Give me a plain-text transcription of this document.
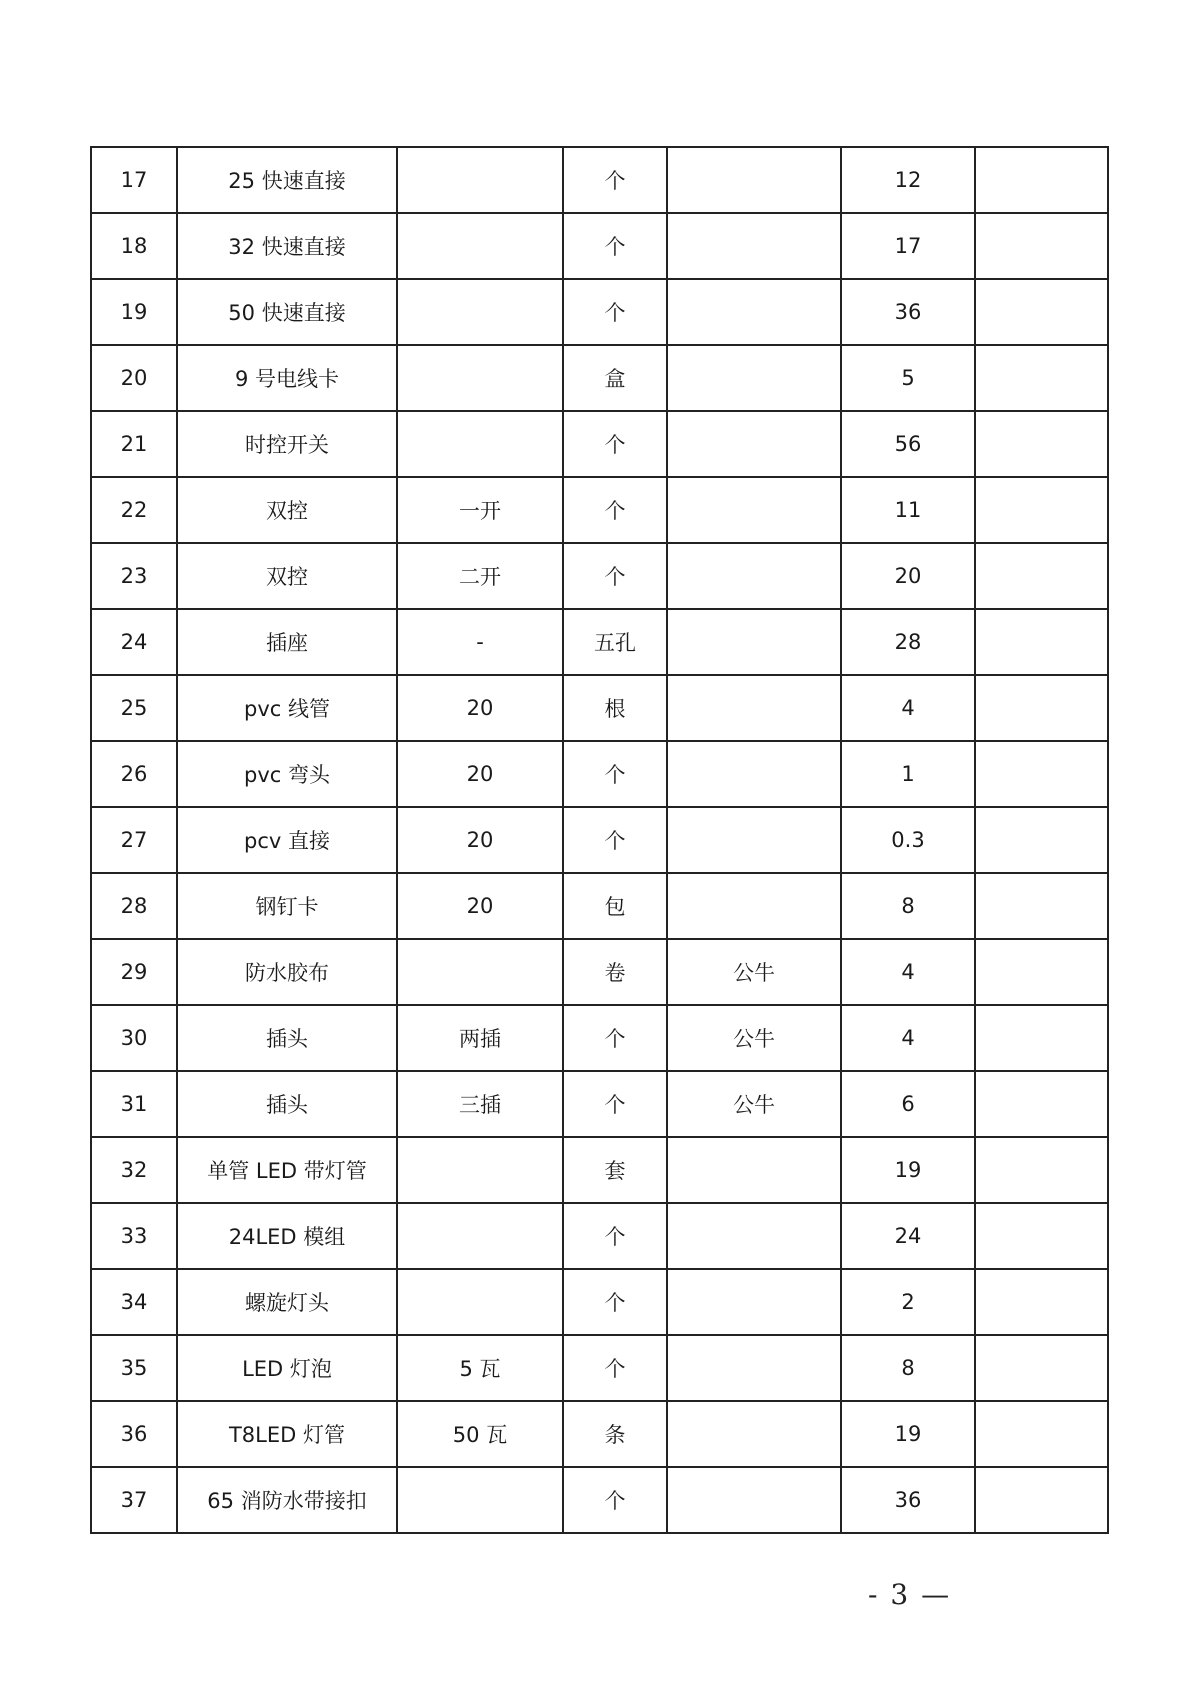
17	25 快速直接		个		12	
18	32 快速直接		个		17	
19	50 快速直接		个		36	
20	9 号电线卡		盒		5	
21	时控开关		个		56	
22	双控	一开	个		11	
23	双控	二开	个		20	
24	插座	-	五孔		28	
25	pvc 线管	20	根		4	
26	pvc 弯头	20	个		1	
27	pcv 直接	20	个		0.3	
28	钢钉卡	20	包		8	
29	防水胶布		卷	公牛	4	
30	插头	两插	个	公牛	4	
31	插头	三插	个	公牛	6	
32	单管 LED 带灯管		套		19	
33	24LED 模组		个		24	
34	螺旋灯头		个		2	
35	LED 灯泡	5 瓦	个		8	
36	T8LED 灯管	50 瓦	条		19	
37	65 消防水带接扣		个		36	
- 3 —
